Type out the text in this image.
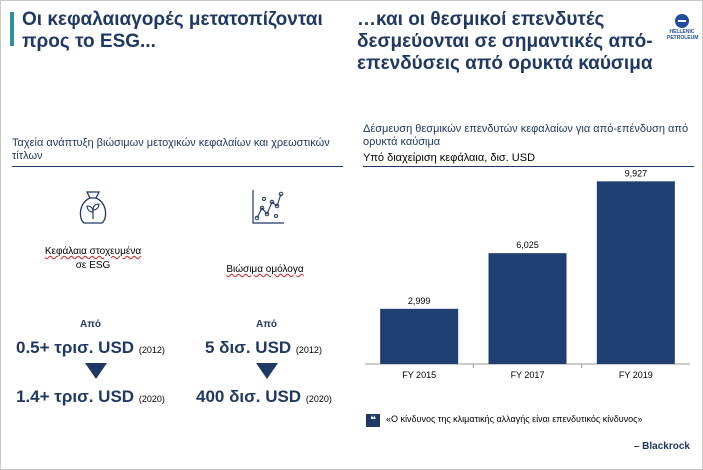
Οι κεφαλαιαγορές μετατοπίζονται προς το ESG...
…και οι θεσμικοί επενδυτές δεσμεύονται σε σημαντικές από-επενδύσεις από ορυκτά καύσιμα
HELLENIC
PETROLEUM
Ταχεία ανάπτυξη βιώσιμων μετοχικών κεφαλαίων και χρεωστικών τίτλων
Κεφάλαια στοχευμένα
σε ESG	Βιώσιμα ομόλογα
Από	Από
0.5+ τρισ. USD (2012) 5 δισ. USD (2012)
1.4+ τρισ. USD (2020) 400 δισ. USD (2020)
Δέσμευση θεσμικών επενδυτών κεφαλαίων για από-επένδυση από ορυκτά καύσιμα
Υπό διαχείριση κεφάλαια, δισ. USD
2,999
FY 2015
6,025
FY 2017
9,927
FY 2019
❝	«Ο κίνδυνος της κλιματικής αλλαγής είναι επενδυτικός κίνδυνος»
– Blackrock
